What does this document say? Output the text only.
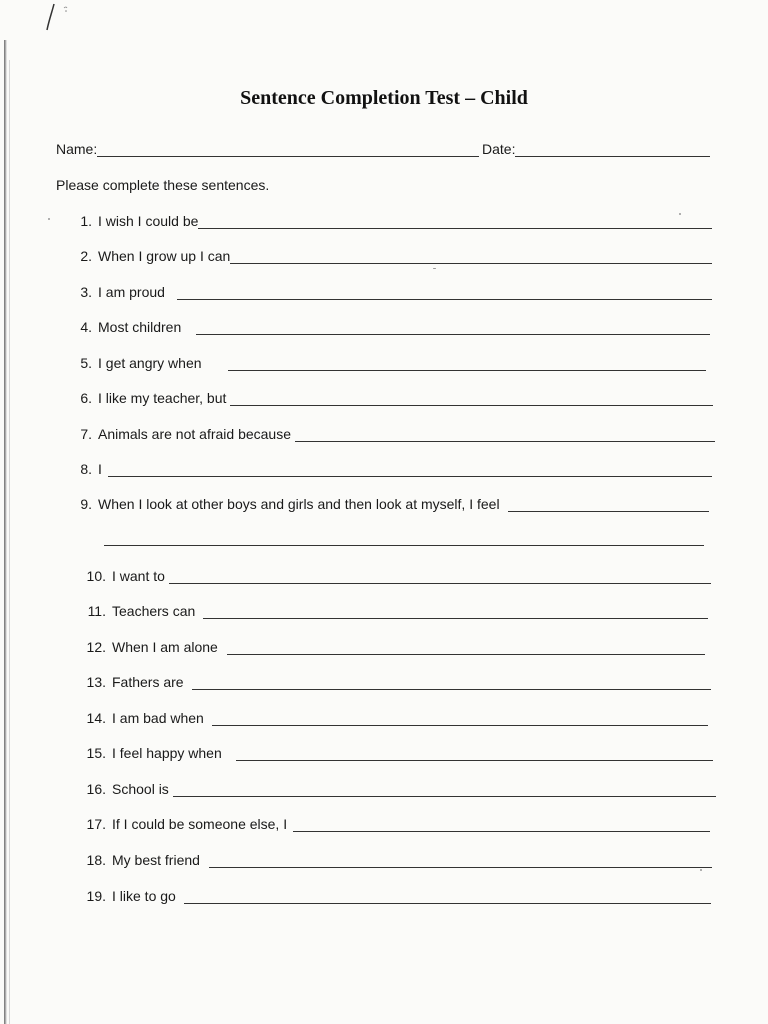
Sentence Completion Test – Child
Name:	Date:
Please complete these sentences.
1. I wish I could be
2. When I grow up I can
3. I am proud
4. Most children
5. I get angry when
6. I like my teacher, but
7. Animals are not afraid because
8. I
9. When I look at other boys and girls and then look at myself, I feel
10. I want to
11. Teachers can
12. When I am alone
13. Fathers are
14. I am bad when
15. I feel happy when
16. School is
17. If I could be someone else, I
18. My best friend
19. I like to go
